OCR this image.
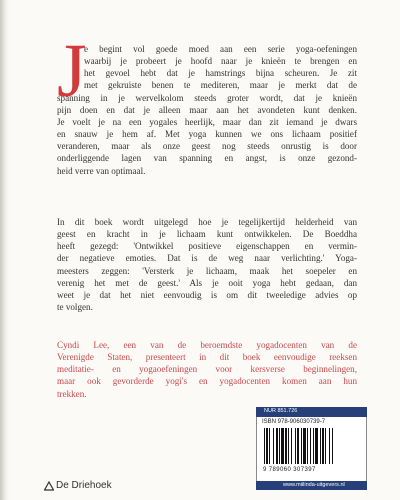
J
e begint vol goede moed aan een serie yoga-oefeningen
waarbij je probeert je hoofd naar je knieën te brengen en
het gevoel hebt dat je hamstrings bijna scheuren. Je zit
met gekruiste benen te mediteren, maar je merkt dat de
spanning in je wervelkolom steeds groter wordt, dat je knieën
pijn doen en dat je alleen maar aan het avondeten kunt denken.
Je voelt je na een yogales heerlijk, maar dan zit iemand je dwars
en snauw je hem af. Met yoga kunnen we ons lichaam positief
veranderen, maar als onze geest nog steeds onrustig is door
onderliggende lagen van spanning en angst, is onze gezond-
heid verre van optimaal.
In dit boek wordt uitgelegd hoe je tegelijkertijd helderheid van
geest en kracht in je lichaam kunt ontwikkelen. De Boeddha
heeft gezegd: 'Ontwikkel positieve eigenschappen en vermin-
der negatieve emoties. Dat is de weg naar verlichting.' Yoga-
meesters zeggen: 'Versterk je lichaam, maak het soepeler en
verenig het met de geest.' Als je ooit yoga hebt gedaan, dan
weet je dat het niet eenvoudig is om dit tweeledige advies op
te volgen.
Cyndi Lee, een van de beroemdste yogadocenten van de
Verenigde Staten, presenteert in dit boek eenvoudige reeksen
meditatie- en yogaoefeningen voor kersverse beginnelingen,
maar ook gevorderde yogi's en yogadocenten komen aan hun
trekken.
NUR 851.726
ISBN 978-906030739-7
9 789060 307397
www.miilinda-uitgevers.nl
De Driehoek
